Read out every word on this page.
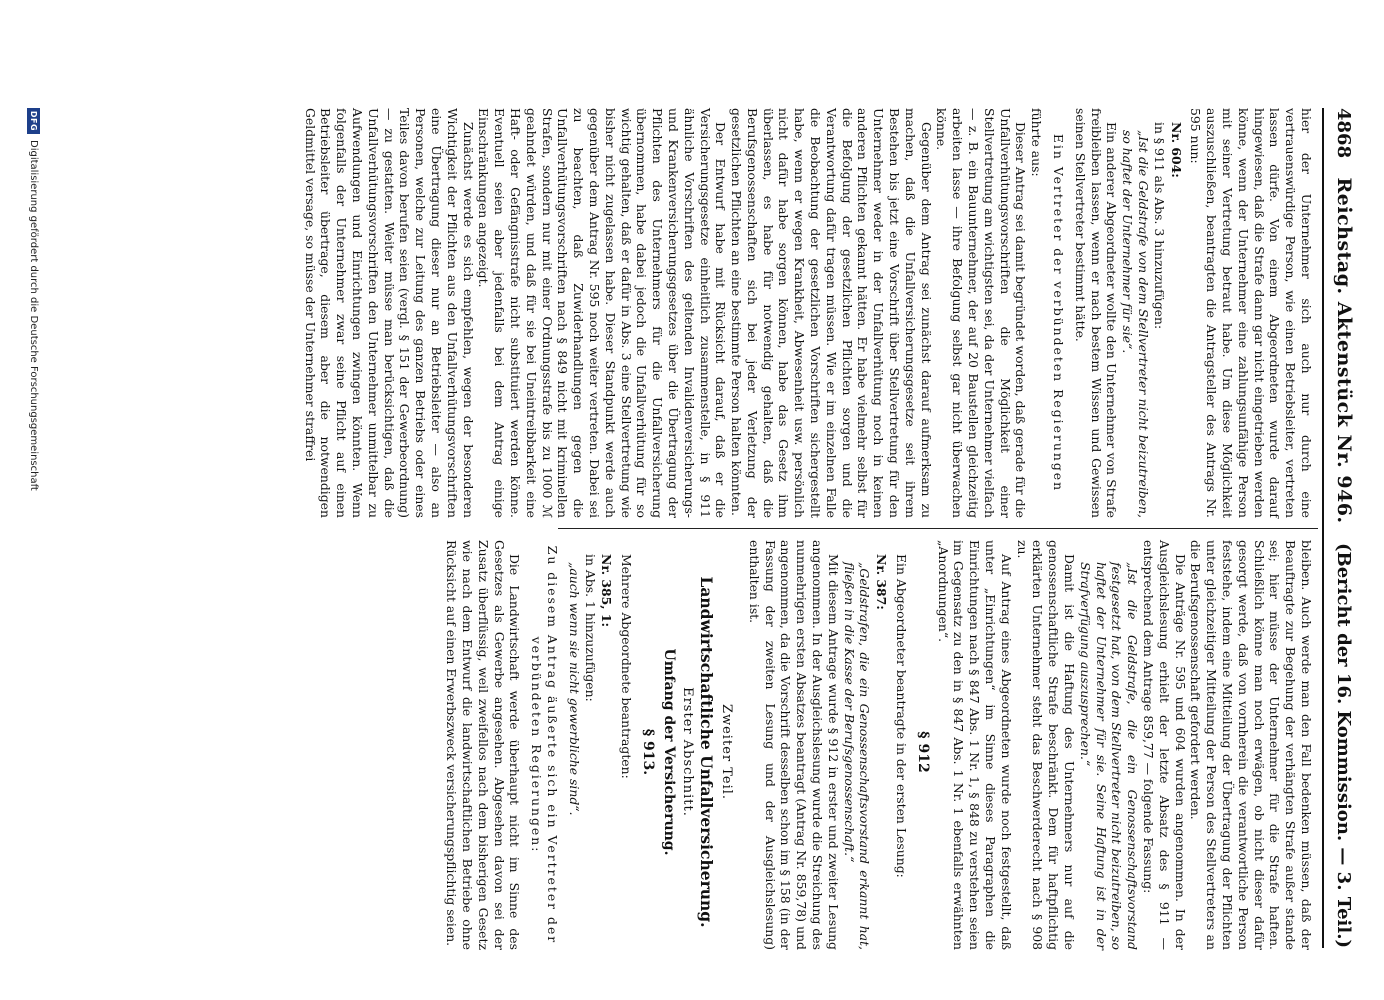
4868
Reichstag. Aktenstück Nr. 946.
(Bericht der 16. Kommission. — 3. Teil.)

hier der Unternehmer sich auch nur durch eine vertrauenswürdige Person, wie einen Betriebsleiter, vertreten lassen dürfe. Von einem Abgeordneten wurde darauf hingewiesen, daß die Strafe dann gar nicht eingetrieben werden könne, wenn der Unternehmer eine zahlungsunfähige Person mit seiner Vertretung betraut habe. Um diese Möglichkeit auszuschließen, beantragten die Antragsteller des Antrags Nr. 595 nun:

Nr. 604:

in § 911 als Abs. 3 hinzuzufügen:

„Ist die Geldstrafe von dem Stellvertreter nicht beizutreiben, so haftet der Unternehmer für sie“.

Ein anderer Abgeordneter wollte den Unternehmer von Strafe freibleiben lassen, wenn er nach bestem Wissen und Gewissen seinen Stellvertreter bestimmt hätte.

Ein Vertreter der verbündeten Regierungen

führte aus:

Dieser Antrag sei damit begründet worden, daß gerade für die Unfallverhütungsvorschriften die Möglichkeit einer Stellvertretung am wichtigsten sei, da der Unternehmer vielfach — z. B. ein Bauunternehmer, der auf 20 Baustellen gleichzeitig arbeiten lasse — ihre Befolgung selbst gar nicht überwachen könne.

Gegenüber dem Antrag sei zunächst darauf aufmerksam zu machen, daß die Unfallversicherungsgesetze seit ihrem Bestehen bis jetzt eine Vorschrift über Stellvertretung für den Unternehmer weder in der Unfallverhütung noch in keinen anderen Pflichten gekannt hätten. Er habe vielmehr selbst für die Befolgung der gesetzlichen Pflichten sorgen und die Verantwortung dafür tragen müssen. Wie er im einzelnen Falle die Beobachtung der gesetzlichen Vorschriften sichergestellt habe, wenn er wegen Krankheit, Abwesenheit usw. persönlich nicht dafür habe sorgen können, habe das Gesetz ihm überlassen, es habe für notwendig gehalten, daß die Berufsgenossenschaften sich bei jeder Verletzung der gesetzlichen Pflichten an eine bestimmte Person halten könnten.

Der Entwurf habe mit Rücksicht darauf, daß er die Versicherungsgesetze einheitlich zusammenstelle, in § 911 ähnliche Vorschriften des geltenden Invalidenversicherungs- und Krankenversicherungsgesetzes über die Übertragung der Pflichten des Unternehmers für die Unfallversicherung übernommen, habe dabei jedoch die Unfallverhütung für so wichtig gehalten, daß er dafür in Abs. 3 eine Stellvertretung wie bisher nicht zugelassen habe. Dieser Standpunkt werde auch gegenüber dem Antrag Nr. 595 noch weiter vertreten. Dabei sei zu beachten, daß Zuwiderhandlungen gegen die Unfallverhütungsvorschriften nach § 849 nicht mit kriminellen Strafen, sondern nur mit einer Ordnungsstrafe bis zu 1000 ℳ geahndet würden, und daß für sie bei Uneintreibbarkeit eine Haft- oder Gefängnisstrafe nicht substituiert werden könne. Eventuell seien aber jedenfalls bei dem Antrag einige Einschränkungen angezeigt.

Zunächst werde es sich empfehlen, wegen der besonderen Wichtigkeit der Pflichten aus den Unfallverhütungsvorschriften eine Übertragung dieser nur an Betriebsleiter — also an Personen, welche zur Leitung des ganzen Betriebs oder eines Teiles davon berufen seien (vergl. § 151 der Gewerbeordnung) — zu gestatten. Weiter müsse man berücksichtigen, daß die Unfallverhütungsvorschriften den Unternehmer unmittelbar zu Aufwendungen und Einrichtungen zwingen könnten. Wenn folgenfalls der Unternehmer zwar seine Pflicht auf einen Betriebsleiter übertrage, diesem aber die notwendigen Geldmittel versage, so müsse der Unternehmer straffrei

bleiben. Auch werde man den Fall bedenken müssen, daß der Beauftragte zur Begehung der verhängten Strafe außer stande sei; hier müsse der Unternehmer für die Strafe haften. Schließlich könne man noch erwägen, ob nicht dieser dafür gesorgt werde, daß von vornherein die verantwortliche Person feststehe, indem eine Mitteilung der Übertragung der Pflichten unter gleichzeitiger Mitteilung der Person des Stellvertreters an die Berufsgenossenschaft gefordert werden.

Die Anträge Nr. 595 und 604 wurden angenommen. In der Ausgleichslesung erhielt der letzte Absatz des § 911 — entsprechend dem Antrage 859,77 — folgende Fassung:

„Ist die Geldstrafe, die ein Genossenschaftsvorstand festgesetzt hat, von dem Stellvertreter nicht beizutreiben, so haftet der Unternehmer für sie. Seine Haftung ist in der Strafverfügung auszusprechen.“

Damit ist die Haftung des Unternehmers nur auf die genossenschaftliche Strafe beschränkt. Dem für haftpflichtig erklärten Unternehmer steht das Beschwerderecht nach § 908 zu.

Auf Antrag eines Abgeordneten wurde noch festgestellt, daß unter „Einrichtungen“ im Sinne dieses Paragraphen die Einrichtungen nach § 847 Abs. 1 Nr. 1, § 848 zu verstehen seien im Gegensatz zu den in § 847 Abs. 1 Nr. 1 ebenfalls erwähnten „Anordnungen“.

§ 912

Ein Abgeordneter beantragte in der ersten Lesung:

Nr. 387:

„Geldstrafen, die ein Genossenschaftsvorstand erkannt hat, fließen in die Kasse der Berufsgenossenschaft.“

Mit diesem Antrage wurde § 912 in erster und zweiter Lesung angenommen. In der Ausgleichslesung wurde die Streichung des nunmehrigen ersten Absatzes beantragt (Antrag Nr. 859,78) und angenommen, da die Vorschrift desselben schon im § 158 (in der Fassung der zweiten Lesung und der Ausgleichslesung) enthalten ist.

Zweiter Teil.

Landwirtschaftliche Unfallversicherung.

Erster Abschnitt.

Umfang der Versicherung.

§ 913.

Mehrere Abgeordnete beantragten:

Nr. 385, 1:

in Abs. 1 hinzuzufügen:

„auch wenn sie nicht gewerbliche sind“.

Zu diesem Antrag äußerte sich ein Vertreter der verbündeten Regierungen:

Die Landwirtschaft werde überhaupt nicht im Sinne des Gesetzes als Gewerbe angesehen. Abgesehen davon sei der Zusatz überflüssig, weil zweifellos nach dem bisherigen Gesetz wie nach dem Entwurf die landwirtschaftlichen Betriebe ohne Rücksicht auf einen Erwerbszweck versicherungspflichtig seien.

DFG
Digitalisierung gefördert durch die Deutsche Forschungsgemeinschaft
